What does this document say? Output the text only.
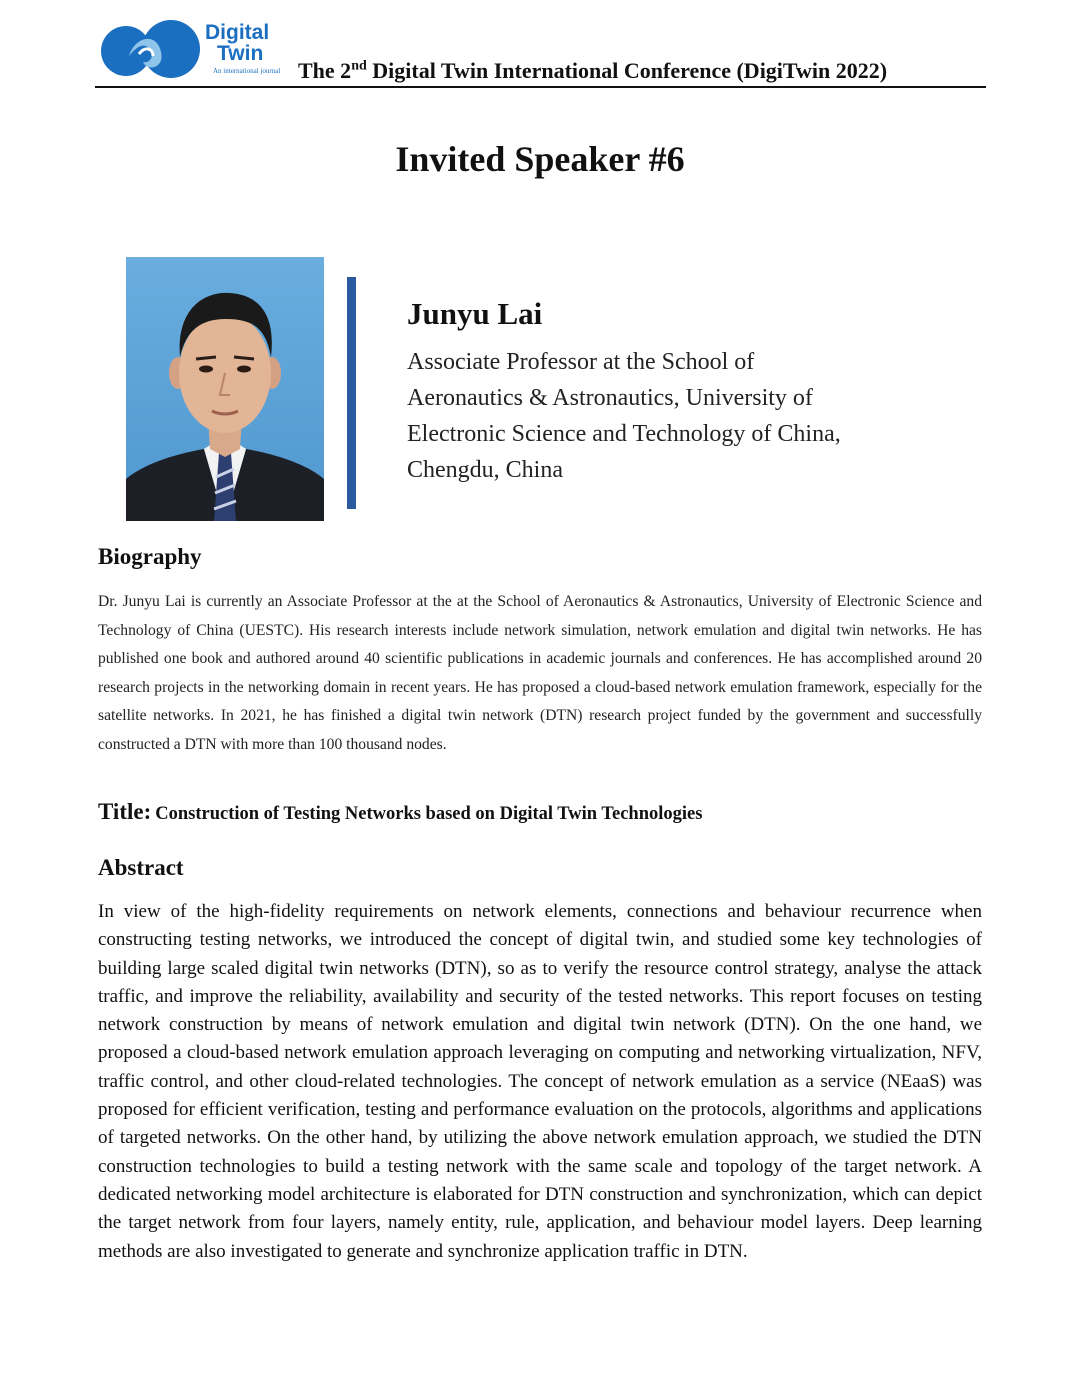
Digital
Twin
An international journal The 2nd Digital Twin International Conference (DigiTwin 2022)
Invited Speaker #6
Junyu Lai
Associate Professor at the School of
Aeronautics & Astronautics, University of
Electronic Science and Technology of China,
Chengdu, China
Biography
Dr. Junyu Lai is currently an Associate Professor at the at the School of Aeronautics & Astronautics, University of Electronic Science and Technology of China (UESTC). His research interests include network simulation, network emulation and digital twin networks. He has published one book and authored around 40 scientific publications in academic journals and conferences. He has accomplished around 20 research projects in the networking domain in recent years. He has proposed a cloud-based network emulation framework, especially for the satellite networks. In 2021, he has finished a digital twin network (DTN) research project funded by the government and successfully constructed a DTN with more than 100 thousand nodes.
Title: Construction of Testing Networks based on Digital Twin Technologies
Abstract
In view of the high-fidelity requirements on network elements, connections and behaviour recurrence when constructing testing networks, we introduced the concept of digital twin, and studied some key technologies of building large scaled digital twin networks (DTN), so as to verify the resource control strategy, analyse the attack traffic, and improve the reliability, availability and security of the tested networks. This report focuses on testing network construction by means of network emulation and digital twin network (DTN). On the one hand, we proposed a cloud-based network emulation approach leveraging on computing and networking virtualization, NFV, traffic control, and other cloud-related technologies. The concept of network emulation as a service (NEaaS) was proposed for efficient verification, testing and performance evaluation on the protocols, algorithms and applications of targeted networks. On the other hand, by utilizing the above network emulation approach, we studied the DTN construction technologies to build a testing network with the same scale and topology of the target network. A dedicated networking model architecture is elaborated for DTN construction and synchronization, which can depict the target network from four layers, namely entity, rule, application, and behaviour model layers. Deep learning methods are also investigated to generate and synchronize application traffic in DTN.
